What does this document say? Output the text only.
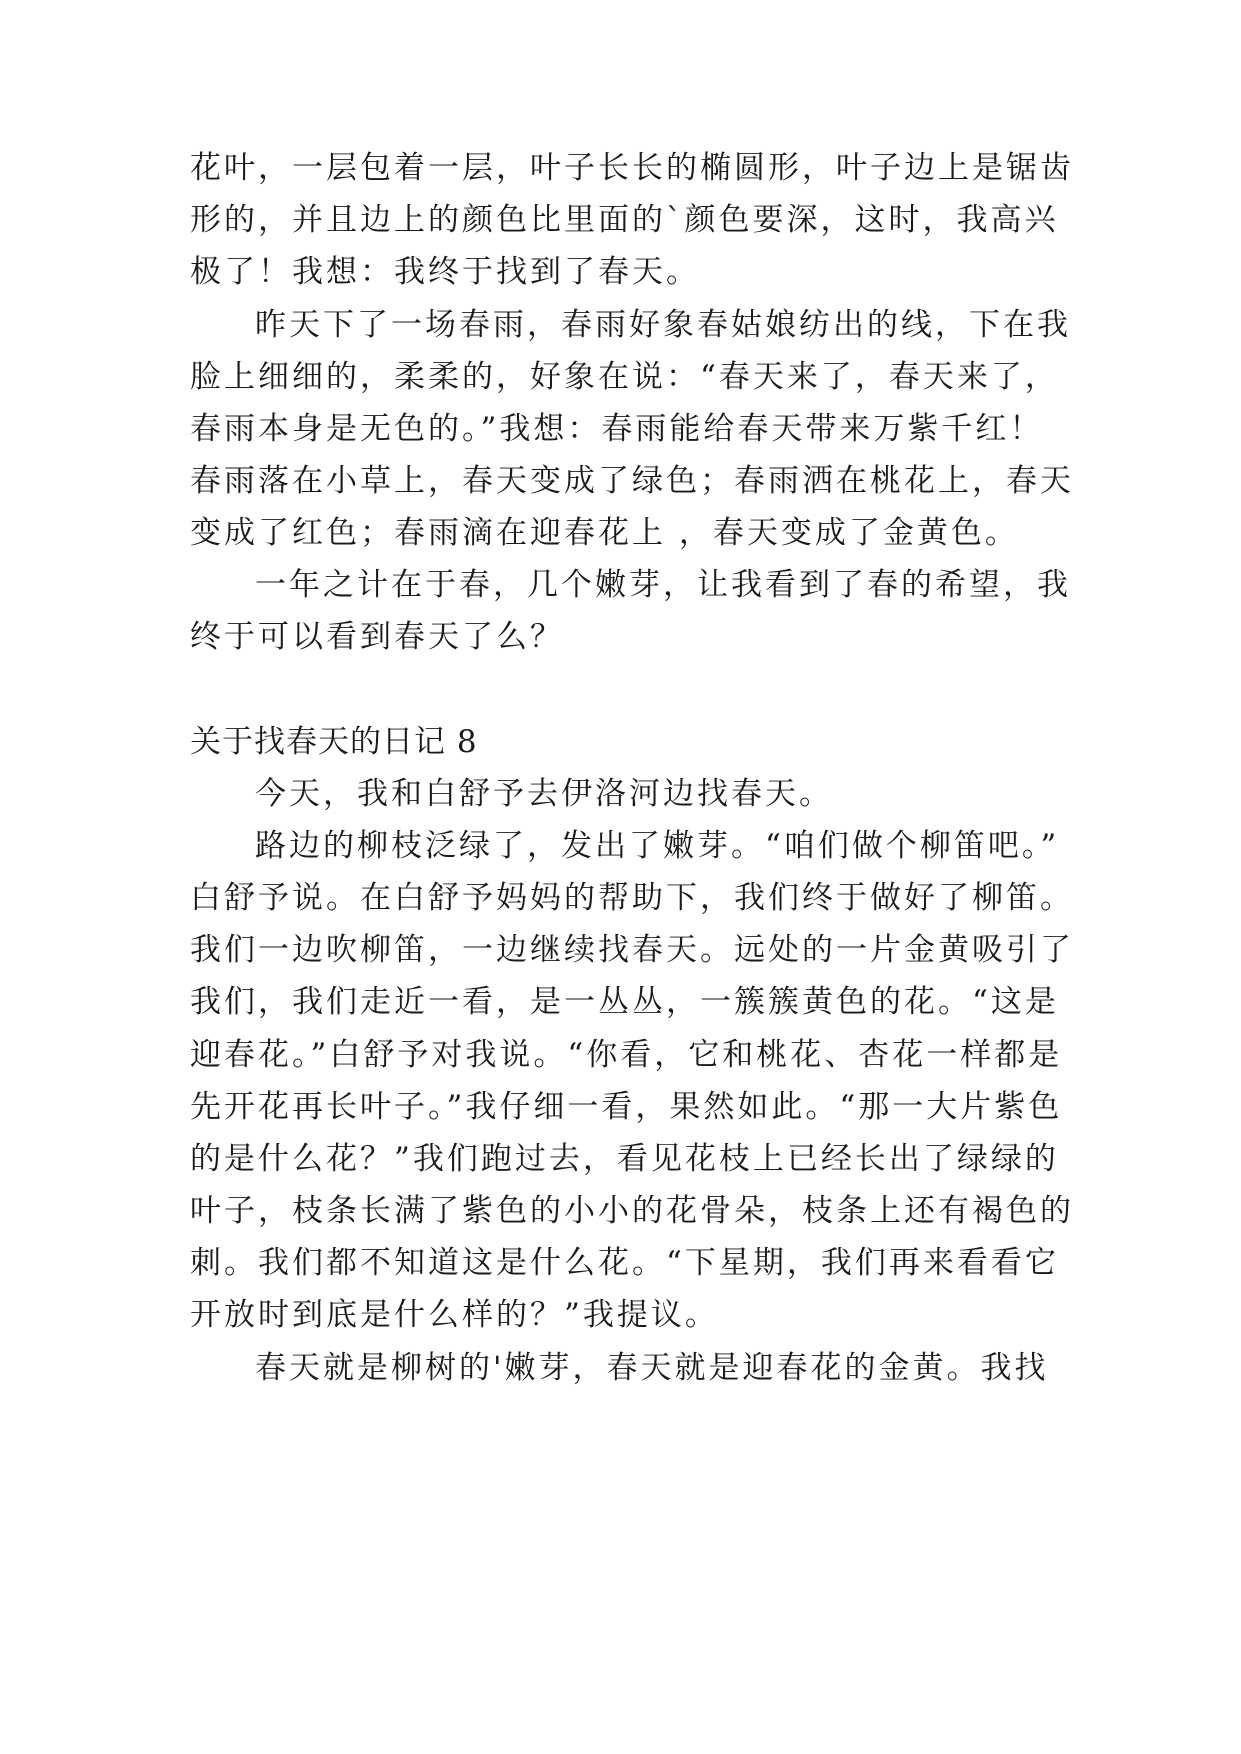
花叶，一层包着一层，叶子长长的椭圆形，叶子边上是锯齿
形的，并且边上的颜色比里面的`颜色要深，这时，我高兴
极了！我想：我终于找到了春天。
昨天下了一场春雨，春雨好象春姑娘纺出的线，下在我
脸上细细的，柔柔的，好象在说：“春天来了，春天来了，
春雨本身是无色的。”我想：春雨能给春天带来万紫千红！
春雨落在小草上，春天变成了绿色；春雨洒在桃花上，春天
变成了红色；春雨滴在迎春花上 ，春天变成了金黄色。
一年之计在于春，几个嫩芽，让我看到了春的希望，我
终于可以看到春天了么？
关于找春天的日记 8
今天，我和白舒予去伊洛河边找春天。
路边的柳枝泛绿了，发出了嫩芽。“咱们做个柳笛吧。”
白舒予说。在白舒予妈妈的帮助下，我们终于做好了柳笛。
我们一边吹柳笛，一边继续找春天。远处的一片金黄吸引了
我们，我们走近一看，是一丛丛，一簇簇黄色的花。“这是
迎春花。”白舒予对我说。“你看，它和桃花、杏花一样都是
先开花再长叶子。”我仔细一看，果然如此。“那一大片紫色
的是什么花？”我们跑过去，看见花枝上已经长出了绿绿的
叶子，枝条长满了紫色的小小的花骨朵，枝条上还有褐色的
刺。我们都不知道这是什么花。“下星期，我们再来看看它
开放时到底是什么样的？”我提议。
春天就是柳树的'嫩芽，春天就是迎春花的金黄。我找
